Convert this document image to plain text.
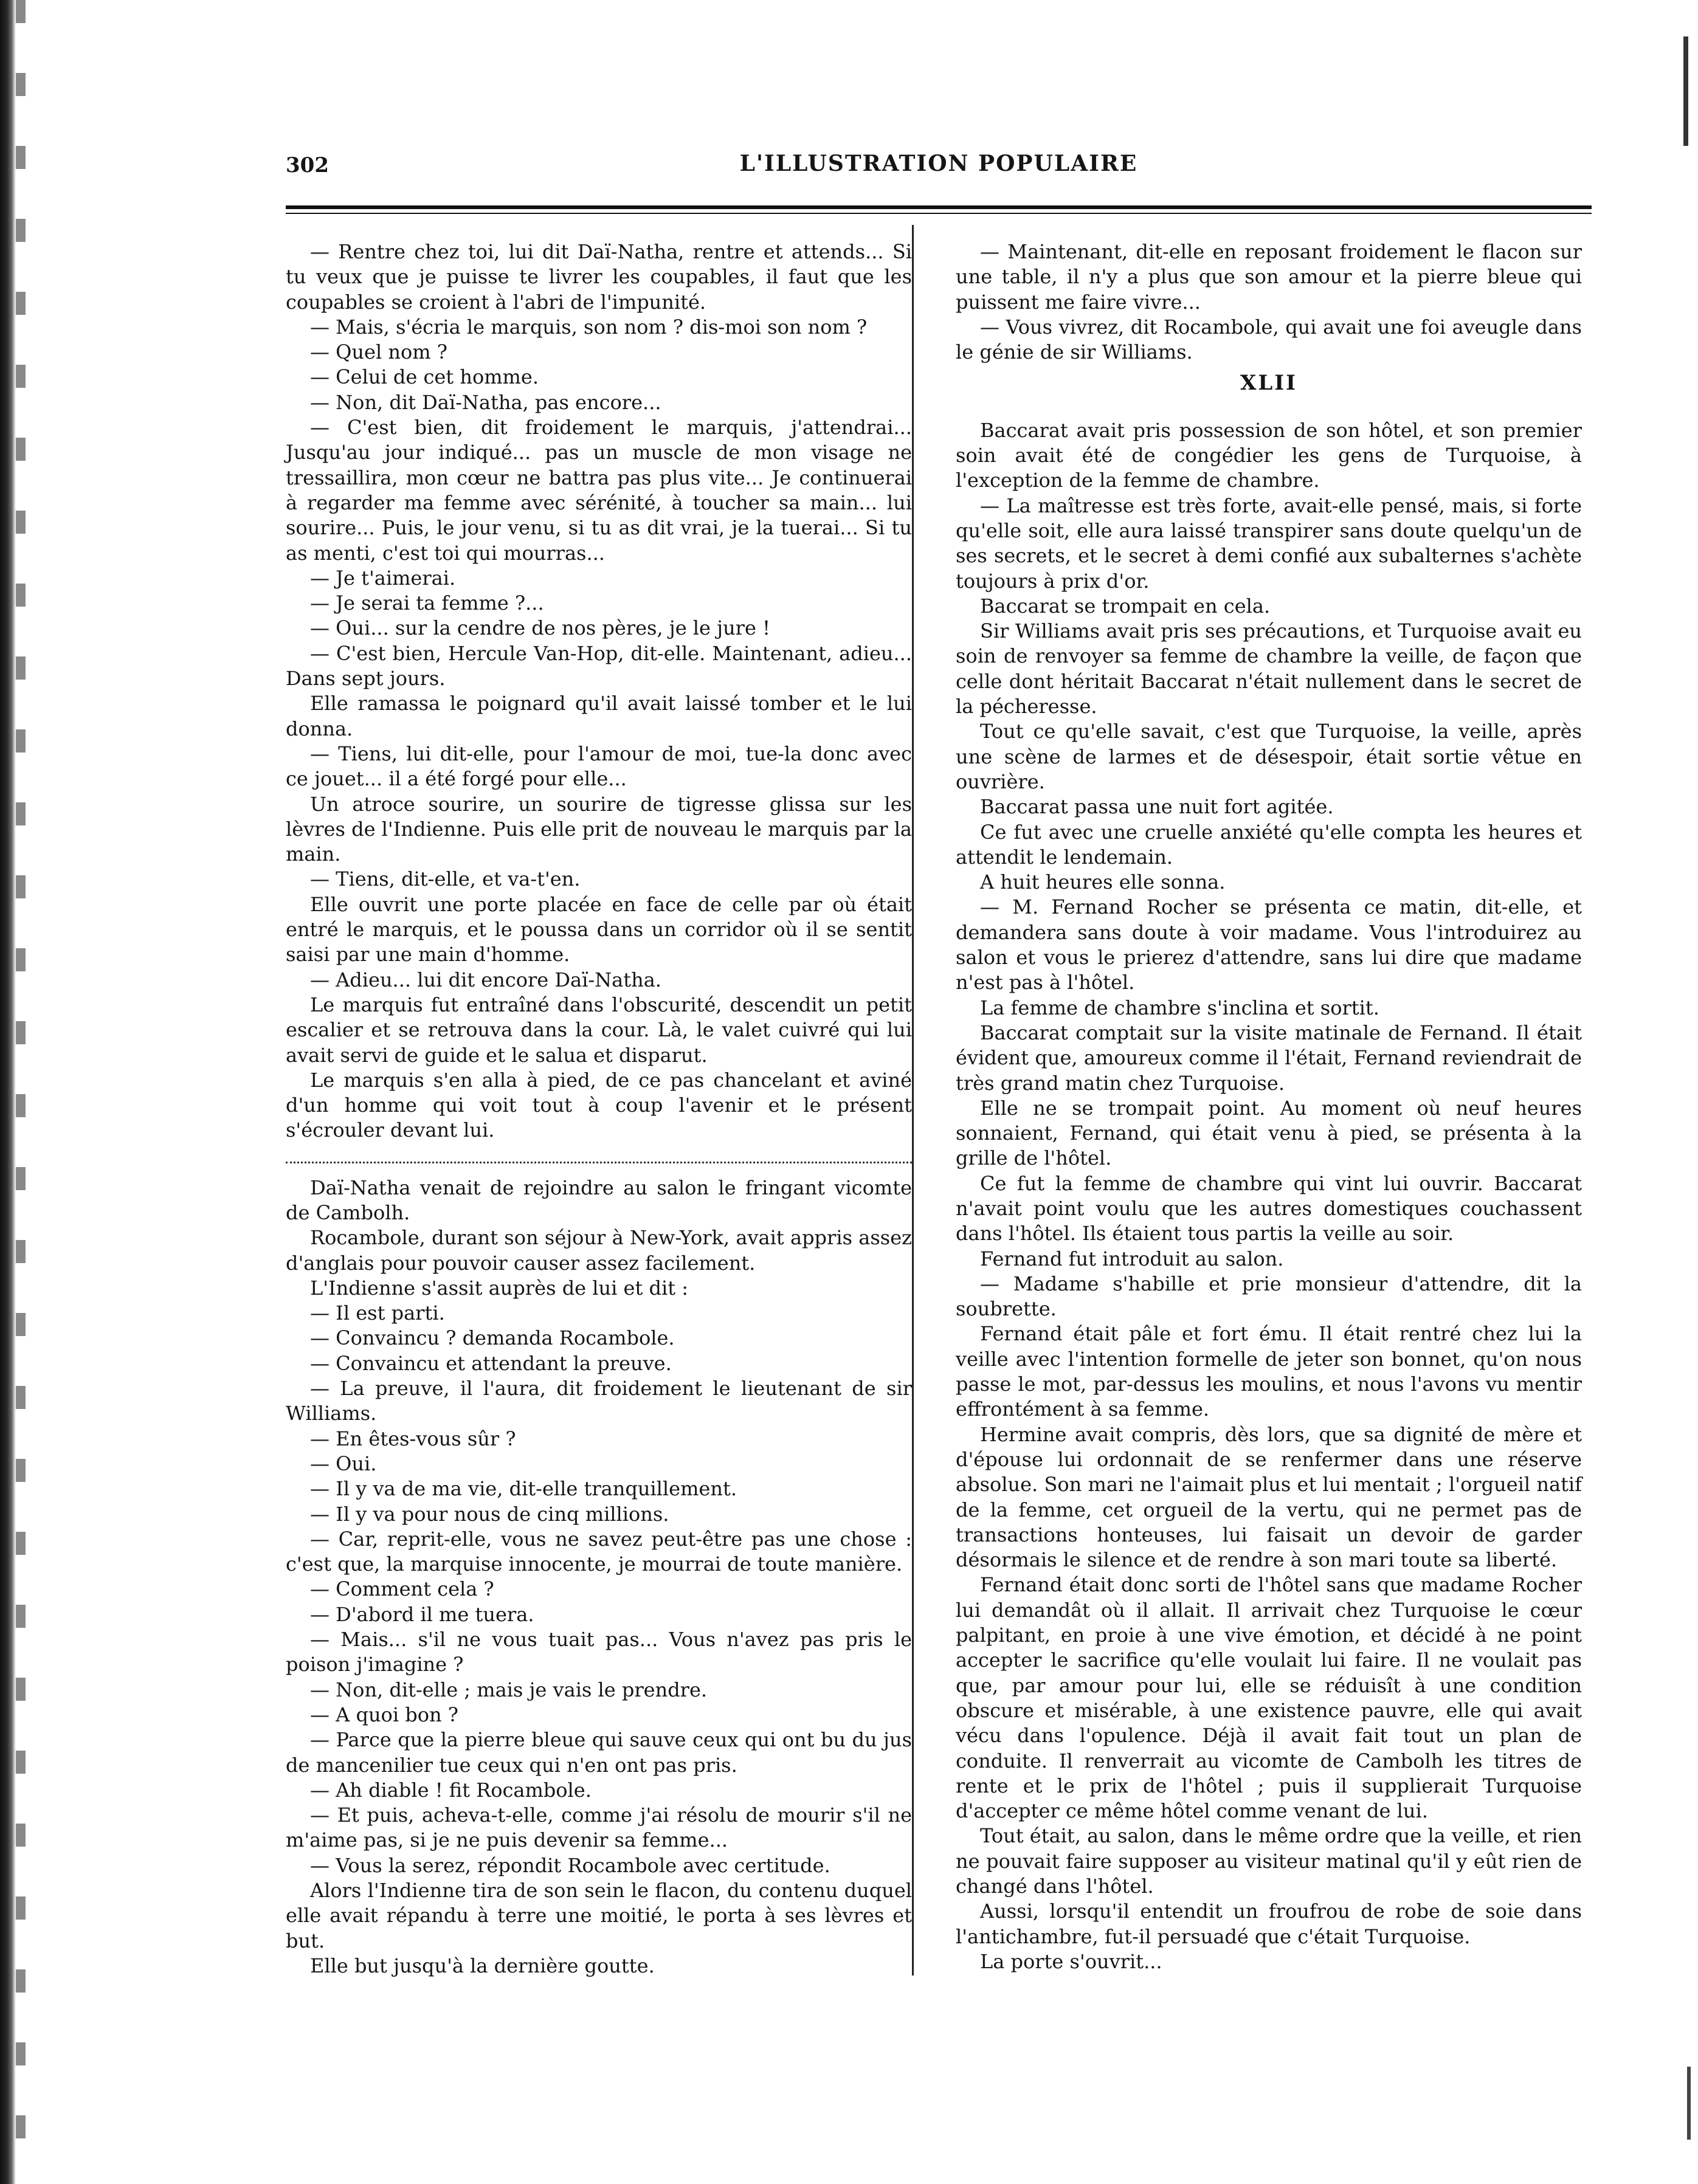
302	L'ILLUSTRATION POPULAIRE

— Rentre chez toi, lui dit Daï-Natha, rentre et attends... Si tu veux que je puisse te livrer les coupables, il faut que les coupables se croient à l'abri de l'impunité.

— Mais, s'écria le marquis, son nom ? dis-moi son nom ?

— Quel nom ?

— Celui de cet homme.

— Non, dit Daï-Natha, pas encore...

— C'est bien, dit froidement le marquis, j'attendrai... Jusqu'au jour indiqué... pas un muscle de mon visage ne tressaillira, mon cœur ne battra pas plus vite... Je continuerai à regarder ma femme avec sérénité, à toucher sa main... lui sourire... Puis, le jour venu, si tu as dit vrai, je la tuerai... Si tu as menti, c'est toi qui mourras...

— Je t'aimerai.

— Je serai ta femme ?...

— Oui... sur la cendre de nos pères, je le jure !

— C'est bien, Hercule Van-Hop, dit-elle. Maintenant, adieu... Dans sept jours.

Elle ramassa le poignard qu'il avait laissé tomber et le lui donna.

— Tiens, lui dit-elle, pour l'amour de moi, tue-la donc avec ce jouet... il a été forgé pour elle...

Un atroce sourire, un sourire de tigresse glissa sur les lèvres de l'Indienne. Puis elle prit de nouveau le marquis par la main.

— Tiens, dit-elle, et va-t'en.

Elle ouvrit une porte placée en face de celle par où était entré le marquis, et le poussa dans un corridor où il se sentit saisi par une main d'homme.

— Adieu... lui dit encore Daï-Natha.

Le marquis fut entraîné dans l'obscurité, descendit un petit escalier et se retrouva dans la cour. Là, le valet cuivré qui lui avait servi de guide et le salua et disparut.

Le marquis s'en alla à pied, de ce pas chancelant et aviné d'un homme qui voit tout à coup l'avenir et le présent s'écrouler devant lui.

Daï-Natha venait de rejoindre au salon le fringant vicomte de Cambolh.

Rocambole, durant son séjour à New-York, avait appris assez d'anglais pour pouvoir causer assez facilement.

L'Indienne s'assit auprès de lui et dit :

— Il est parti.

— Convaincu ? demanda Rocambole.

— Convaincu et attendant la preuve.

— La preuve, il l'aura, dit froidement le lieutenant de sir Williams.

— En êtes-vous sûr ?

— Oui.

— Il y va de ma vie, dit-elle tranquillement.

— Il y va pour nous de cinq millions.

— Car, reprit-elle, vous ne savez peut-être pas une chose : c'est que, la marquise innocente, je mourrai de toute manière.

— Comment cela ?

— D'abord il me tuera.

— Mais... s'il ne vous tuait pas... Vous n'avez pas pris le poison j'imagine ?

— Non, dit-elle ; mais je vais le prendre.

— A quoi bon ?

— Parce que la pierre bleue qui sauve ceux qui ont bu du jus de mancenilier tue ceux qui n'en ont pas pris.

— Ah diable ! fit Rocambole.

— Et puis, acheva-t-elle, comme j'ai résolu de mourir s'il ne m'aime pas, si je ne puis devenir sa femme...

— Vous la serez, répondit Rocambole avec certitude.

Alors l'Indienne tira de son sein le flacon, du contenu duquel elle avait répandu à terre une moitié, le porta à ses lèvres et but.

Elle but jusqu'à la dernière goutte.

— Maintenant, dit-elle en reposant froidement le flacon sur une table, il n'y a plus que son amour et la pierre bleue qui puissent me faire vivre...

— Vous vivrez, dit Rocambole, qui avait une foi aveugle dans le génie de sir Williams.

XLII

Baccarat avait pris possession de son hôtel, et son premier soin avait été de congédier les gens de Turquoise, à l'exception de la femme de chambre.

— La maîtresse est très forte, avait-elle pensé, mais, si forte qu'elle soit, elle aura laissé transpirer sans doute quelqu'un de ses secrets, et le secret à demi confié aux subalternes s'achète toujours à prix d'or.

Baccarat se trompait en cela.

Sir Williams avait pris ses précautions, et Turquoise avait eu soin de renvoyer sa femme de chambre la veille, de façon que celle dont héritait Baccarat n'était nullement dans le secret de la pécheresse.

Tout ce qu'elle savait, c'est que Turquoise, la veille, après une scène de larmes et de désespoir, était sortie vêtue en ouvrière.

Baccarat passa une nuit fort agitée.

Ce fut avec une cruelle anxiété qu'elle compta les heures et attendit le lendemain.

A huit heures elle sonna.

— M. Fernand Rocher se présenta ce matin, dit-elle, et demandera sans doute à voir madame. Vous l'introduirez au salon et vous le prierez d'attendre, sans lui dire que madame n'est pas à l'hôtel.

La femme de chambre s'inclina et sortit.

Baccarat comptait sur la visite matinale de Fernand. Il était évident que, amoureux comme il l'était, Fernand reviendrait de très grand matin chez Turquoise.

Elle ne se trompait point. Au moment où neuf heures sonnaient, Fernand, qui était venu à pied, se présenta à la grille de l'hôtel.

Ce fut la femme de chambre qui vint lui ouvrir. Baccarat n'avait point voulu que les autres domestiques couchassent dans l'hôtel. Ils étaient tous partis la veille au soir.

Fernand fut introduit au salon.

— Madame s'habille et prie monsieur d'attendre, dit la soubrette.

Fernand était pâle et fort ému. Il était rentré chez lui la veille avec l'intention formelle de jeter son bonnet, qu'on nous passe le mot, par-dessus les moulins, et nous l'avons vu mentir effrontément à sa femme.

Hermine avait compris, dès lors, que sa dignité de mère et d'épouse lui ordonnait de se renfermer dans une réserve absolue. Son mari ne l'aimait plus et lui mentait ; l'orgueil natif de la femme, cet orgueil de la vertu, qui ne permet pas de transactions honteuses, lui faisait un devoir de garder désormais le silence et de rendre à son mari toute sa liberté.

Fernand était donc sorti de l'hôtel sans que madame Rocher lui demandât où il allait. Il arrivait chez Turquoise le cœur palpitant, en proie à une vive émotion, et décidé à ne point accepter le sacrifice qu'elle voulait lui faire. Il ne voulait pas que, par amour pour lui, elle se réduisît à une condition obscure et misérable, à une existence pauvre, elle qui avait vécu dans l'opulence. Déjà il avait fait tout un plan de conduite. Il renverrait au vicomte de Cambolh les titres de rente et le prix de l'hôtel ; puis il supplierait Turquoise d'accepter ce même hôtel comme venant de lui.

Tout était, au salon, dans le même ordre que la veille, et rien ne pouvait faire supposer au visiteur matinal qu'il y eût rien de changé dans l'hôtel.

Aussi, lorsqu'il entendit un froufrou de robe de soie dans l'antichambre, fut-il persuadé que c'était Turquoise.

La porte s'ouvrit...
